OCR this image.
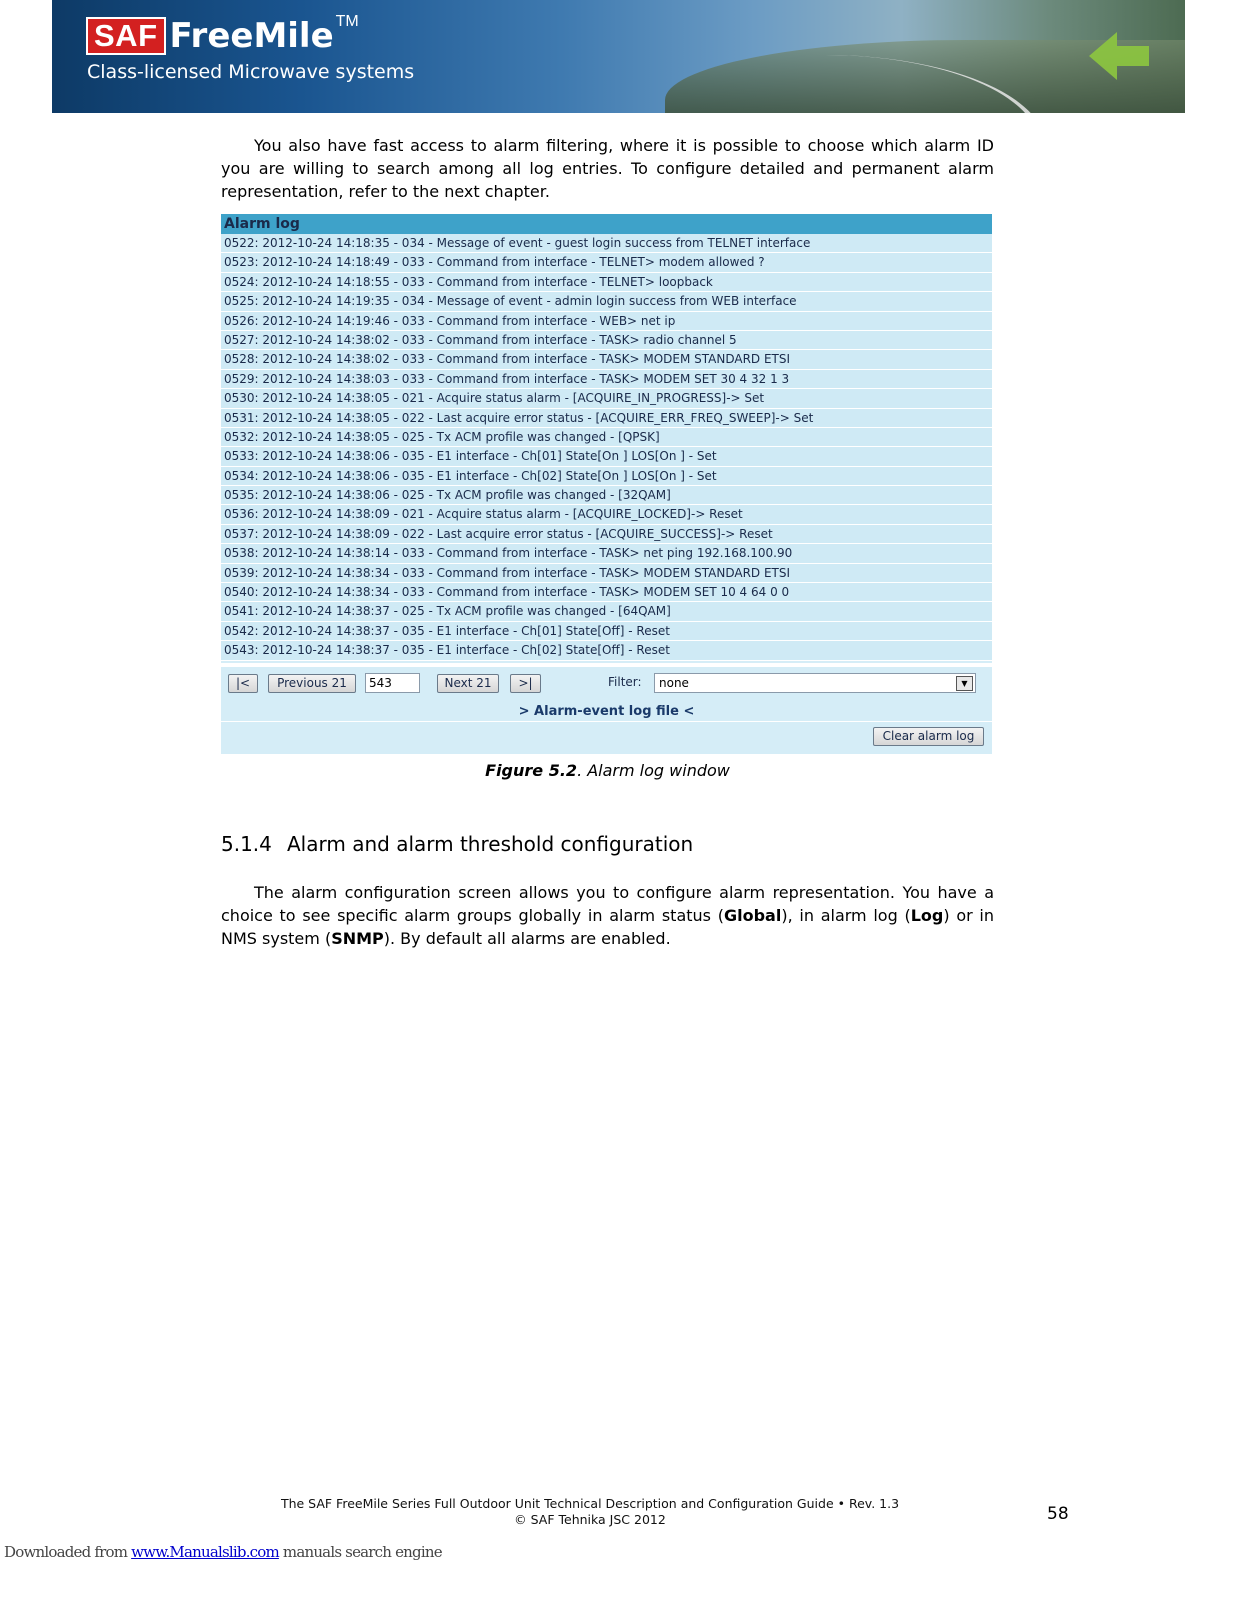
SAF FreeMile TM
Class-licensed Microwave systems
You also have fast access to alarm filtering, where it is possible to choose which alarm ID you are willing to search among all log entries. To configure detailed and permanent alarm representation, refer to the next chapter.
Alarm log
0522: 2012-10-24 14:18:35 - 034 - Message of event - guest login success from TELNET interface
0523: 2012-10-24 14:18:49 - 033 - Command from interface - TELNET> modem allowed ?
0524: 2012-10-24 14:18:55 - 033 - Command from interface - TELNET> loopback
0525: 2012-10-24 14:19:35 - 034 - Message of event - admin login success from WEB interface
0526: 2012-10-24 14:19:46 - 033 - Command from interface - WEB> net ip
0527: 2012-10-24 14:38:02 - 033 - Command from interface - TASK> radio channel 5
0528: 2012-10-24 14:38:02 - 033 - Command from interface - TASK> MODEM STANDARD ETSI
0529: 2012-10-24 14:38:03 - 033 - Command from interface - TASK> MODEM SET 30 4 32 1 3
0530: 2012-10-24 14:38:05 - 021 - Acquire status alarm - [ACQUIRE_IN_PROGRESS]-> Set
0531: 2012-10-24 14:38:05 - 022 - Last acquire error status - [ACQUIRE_ERR_FREQ_SWEEP]-> Set
0532: 2012-10-24 14:38:05 - 025 - Tx ACM profile was changed - [QPSK]
0533: 2012-10-24 14:38:06 - 035 - E1 interface - Ch[01] State[On ] LOS[On ] - Set
0534: 2012-10-24 14:38:06 - 035 - E1 interface - Ch[02] State[On ] LOS[On ] - Set
0535: 2012-10-24 14:38:06 - 025 - Tx ACM profile was changed - [32QAM]
0536: 2012-10-24 14:38:09 - 021 - Acquire status alarm - [ACQUIRE_LOCKED]-> Reset
0537: 2012-10-24 14:38:09 - 022 - Last acquire error status - [ACQUIRE_SUCCESS]-> Reset
0538: 2012-10-24 14:38:14 - 033 - Command from interface - TASK> net ping 192.168.100.90
0539: 2012-10-24 14:38:34 - 033 - Command from interface - TASK> MODEM STANDARD ETSI
0540: 2012-10-24 14:38:34 - 033 - Command from interface - TASK> MODEM SET 10 4 64 0 0
0541: 2012-10-24 14:38:37 - 025 - Tx ACM profile was changed - [64QAM]
0542: 2012-10-24 14:38:37 - 035 - E1 interface - Ch[01] State[Off] - Reset
0543: 2012-10-24 14:38:37 - 035 - E1 interface - Ch[02] State[Off] - Reset
|<	Previous 21	543	Next 21	>|	Filter:	none	▼
> Alarm-event log file <
Clear alarm log
Figure 5.2. Alarm log window
5.1.4 Alarm and alarm threshold configuration
The alarm configuration screen allows you to configure alarm representation. You have a choice to see specific alarm groups globally in alarm status (Global), in alarm log (Log) or in NMS system (SNMP). By default all alarms are enabled.
The SAF FreeMile Series Full Outdoor Unit Technical Description and Configuration Guide • Rev. 1.3
© SAF Tehnika JSC 2012	58
Downloaded from www.Manualslib.com manuals search engine
